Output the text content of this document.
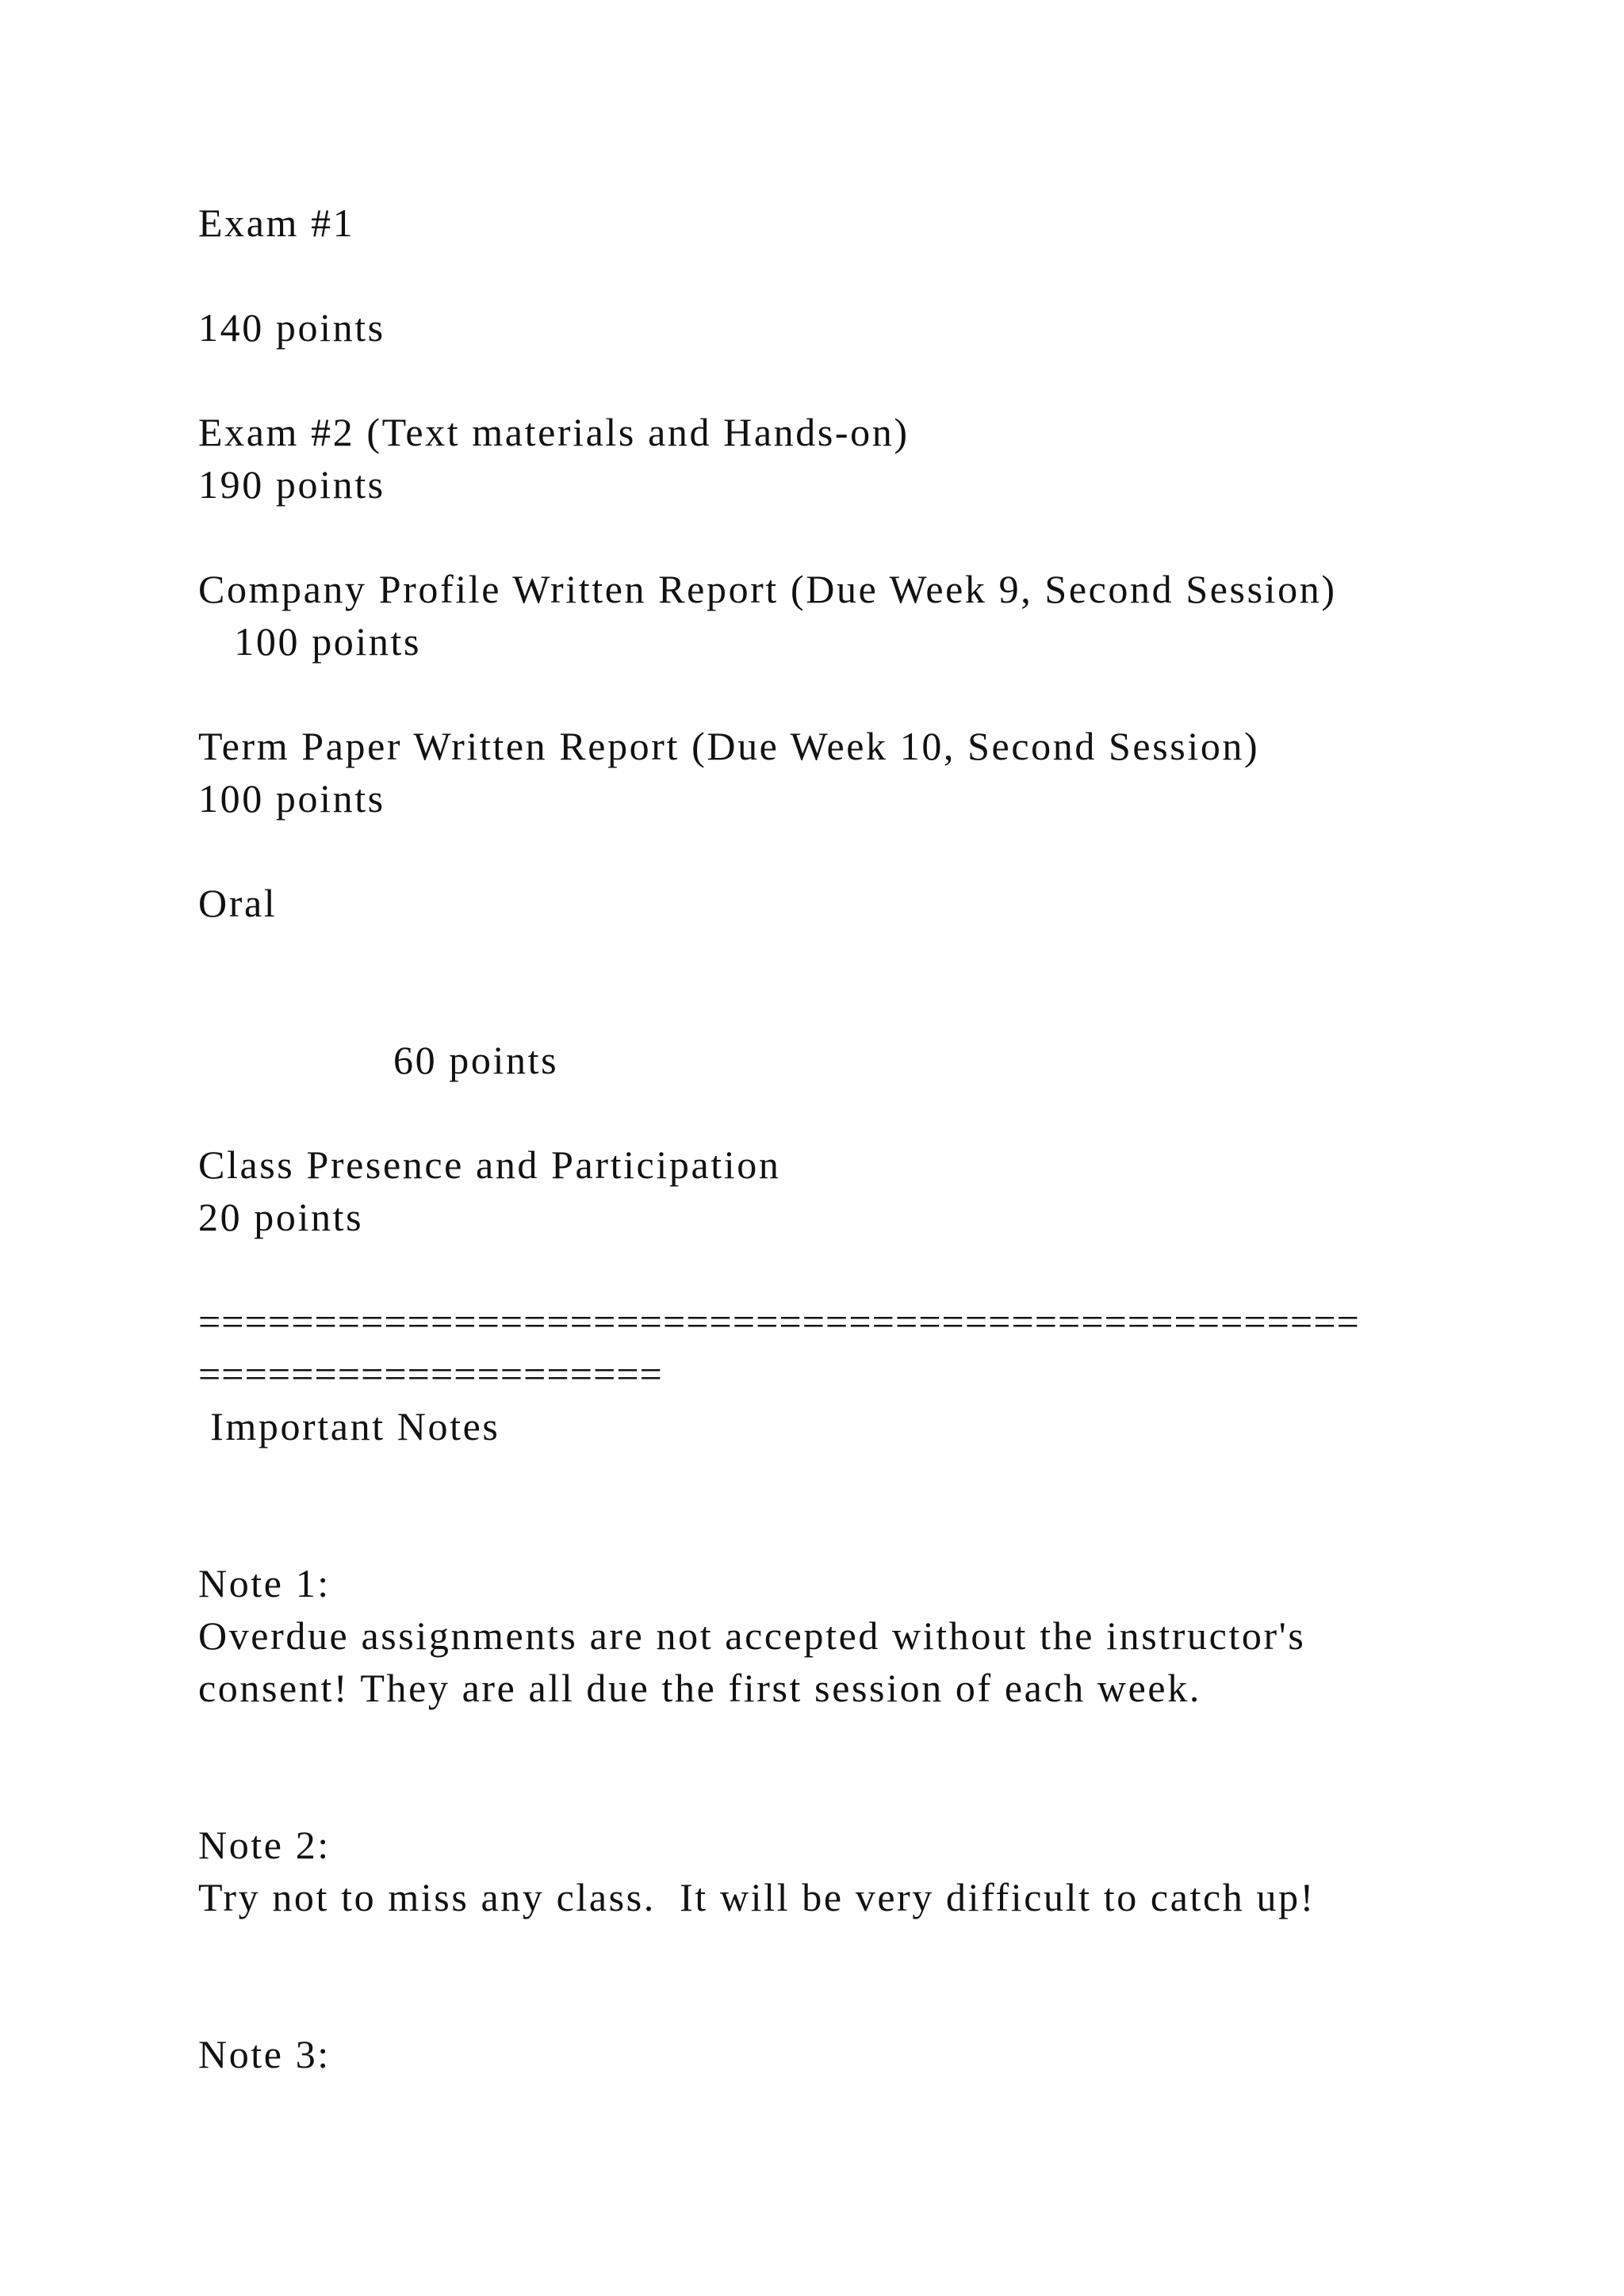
Exam #1
140 points
Exam #2 (Text materials and Hands-on)
190 points
Company Profile Written Report (Due Week 9, Second Session)
100 points
Term Paper Written Report (Due Week 10, Second Session)
100 points
Oral
60 points
Class Presence and Participation
20 points
==================================================
====================
Important Notes
Note 1:
Overdue assignments are not accepted without the instructor's
consent! They are all due the first session of each week.
Note 2:
Try not to miss any class.  It will be very difficult to catch up!
Note 3:
